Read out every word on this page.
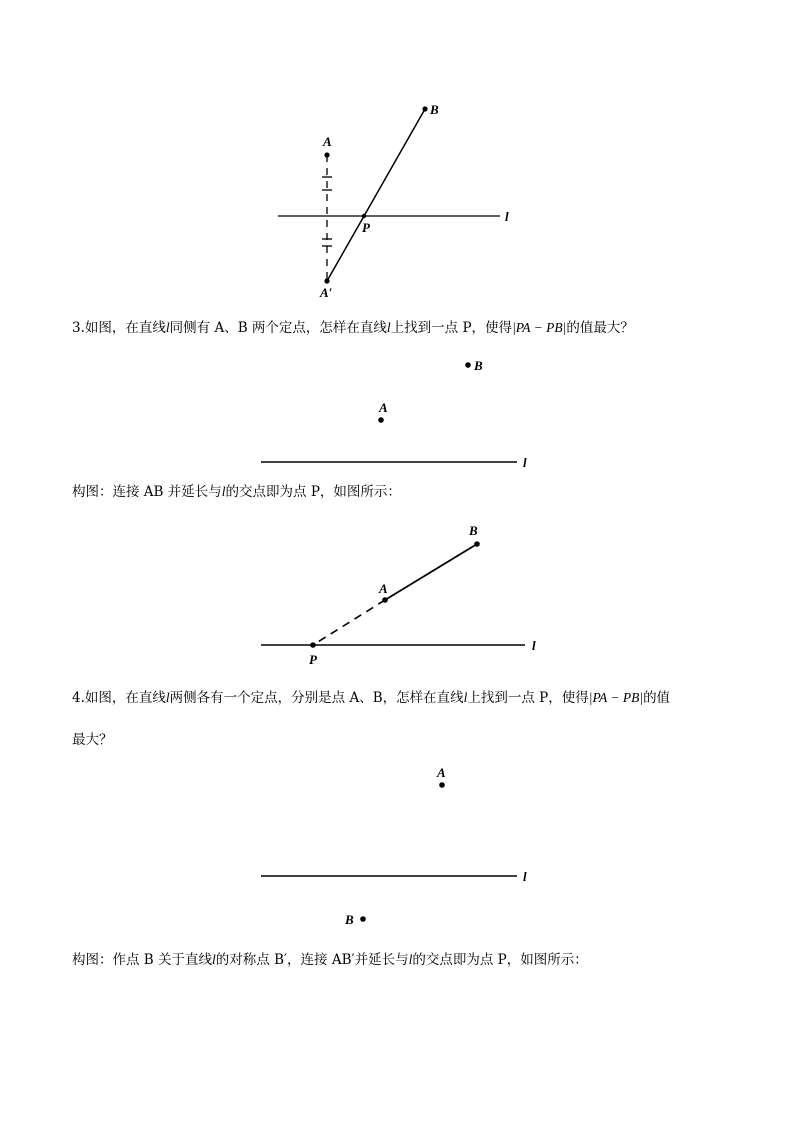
l
A
B
P
A′
3.如图，在直线l同侧有 A、B 两个定点，怎样在直线l上找到一点 P，使得|PA − PB|的值最大？
B
A
l
构图：连接 AB 并延长与l的交点即为点 P，如图所示：
l
A
B
P
4.如图，在直线l两侧各有一个定点，分别是点 A、B，怎样在直线l上找到一点 P，使得|PA − PB|的值
最大？
A
l
B
构图：作点 B 关于直线l的对称点 B′，连接 AB′并延长与l的交点即为点 P，如图所示：
